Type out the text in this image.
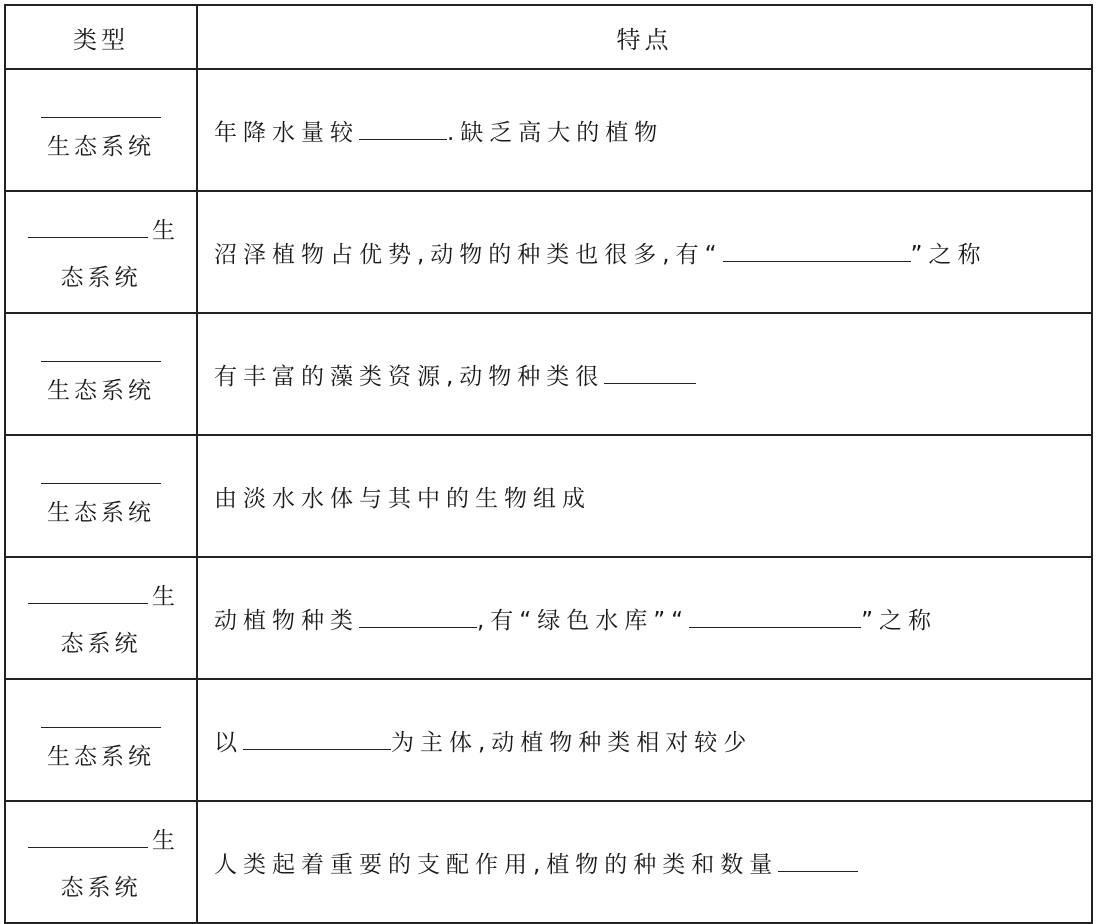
类型	特点

生态系统	年降水量较 .缺乏高大的植物

生
态系统	沼泽植物占优势,动物的种类也很多,有“ ”之称

生态系统	有丰富的藻类资源,动物种类很

生态系统	由淡水水体与其中的生物组成

生
态系统	动植物种类 ,有“绿色水库”“ ”之称

生态系统	以 为主体,动植物种类相对较少

生
态系统	人类起着重要的支配作用,植物的种类和数量
